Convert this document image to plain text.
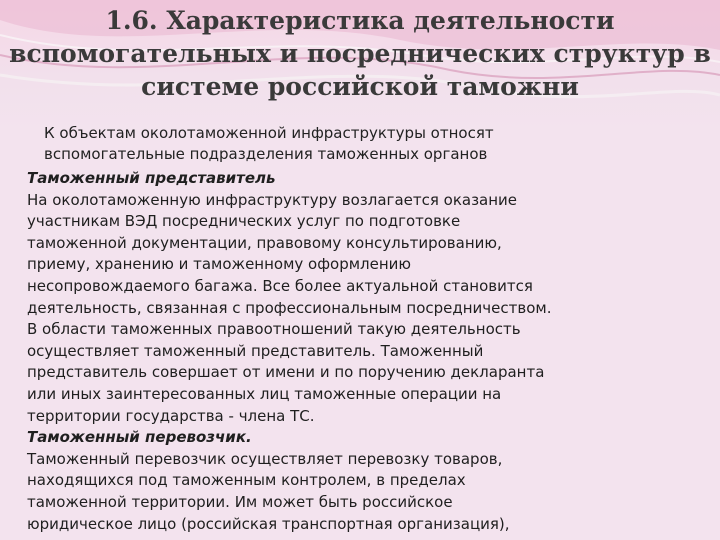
1.6. Характеристика деятельности
вспомогательных и посреднических структур в
системе российской таможни
К объектам околотаможенной инфраструктуры относят
вспомогательные подразделения таможенных органов
Таможенный представитель
На околотаможенную инфраструктуру возлагается оказание
участникам ВЭД посреднических услуг по подготовке
таможенной документации, правовому консультированию,
приему, хранению и таможенному оформлению
несопровождаемого багажа. Все более актуальной становится
деятельность, связанная с профессиональным посредничеством.
В области таможенных правоотношений такую деятельность
осуществляет таможенный представитель. Таможенный
представитель совершает от имени и по поручению декларанта
или иных заинтересованных лиц таможенные операции на
территории государства - члена ТС.
Таможенный перевозчик.
Таможенный перевозчик осуществляет перевозку товаров,
находящихся под таможенным контролем, в пределах
таможенной территории. Им может быть российское
юридическое лицо (российская транспортная организация),
